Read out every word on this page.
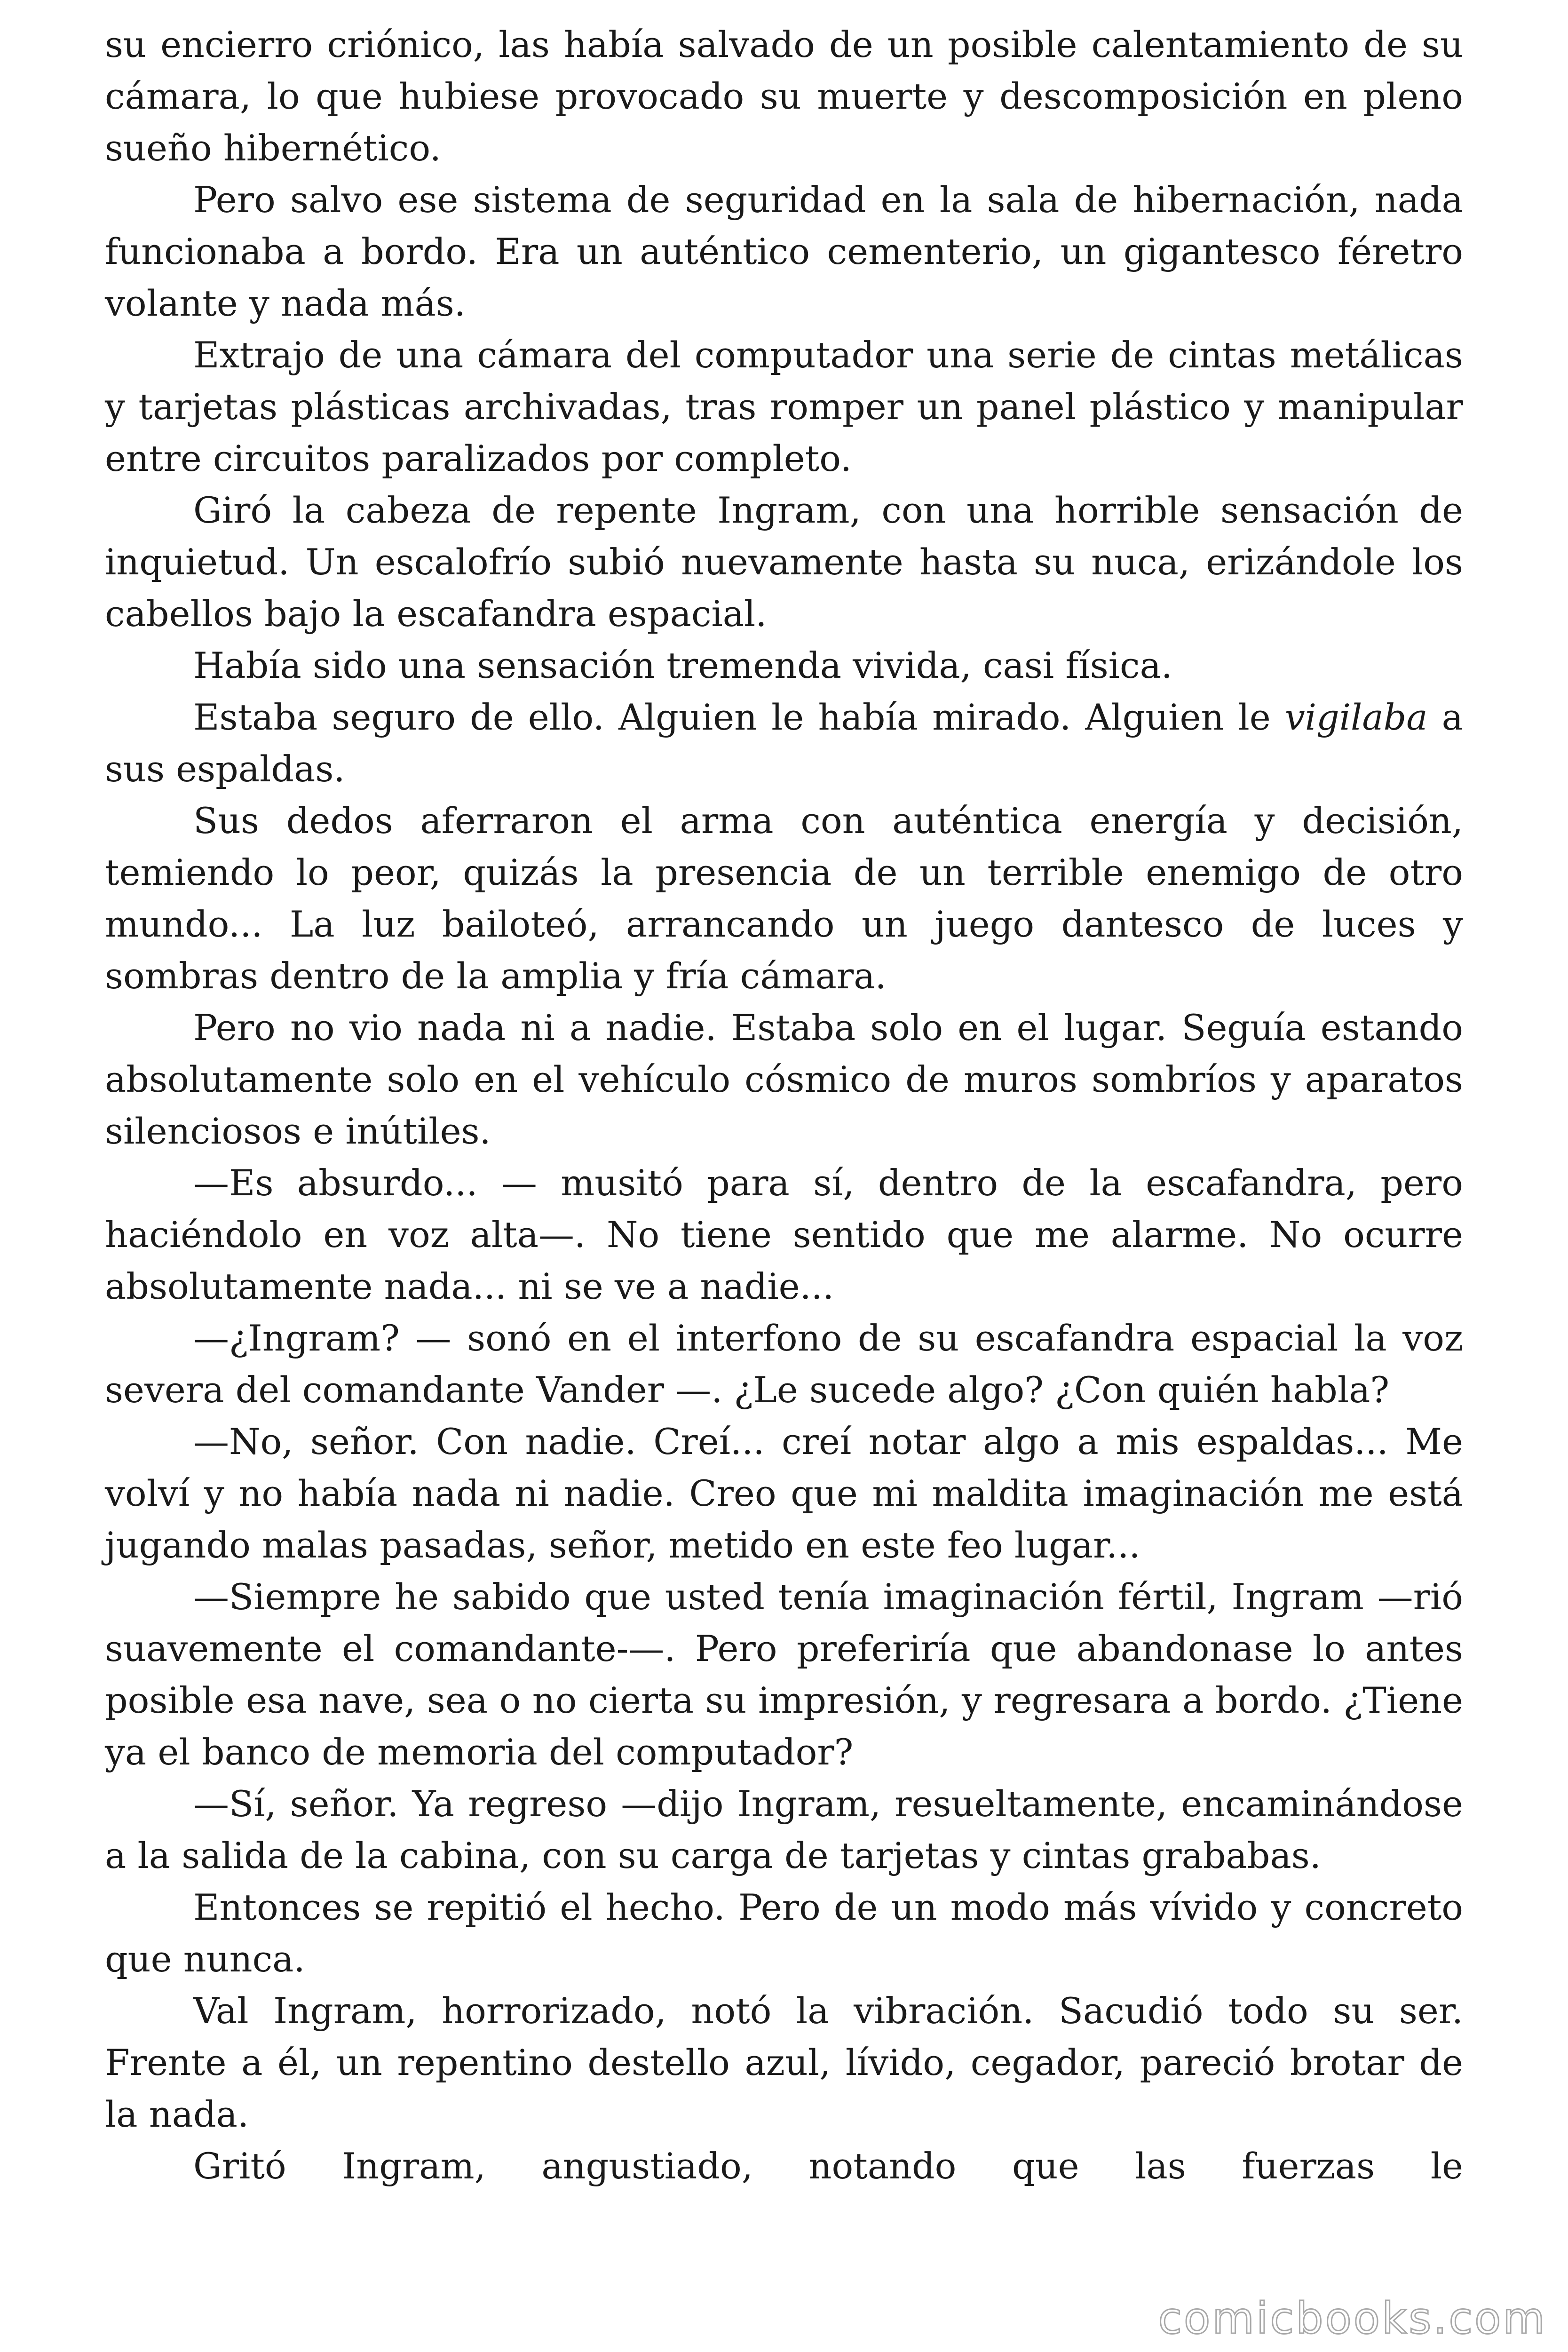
su encierro criónico, las había salvado de un posible calentamiento de su cámara, lo que hubiese provocado su muerte y descomposición en pleno sueño hibernético.

Pero salvo ese sistema de seguridad en la sala de hibernación, nada funcionaba a bordo. Era un auténtico cementerio, un gigantesco féretro volante y nada más.

Extrajo de una cámara del computador una serie de cintas metálicas y tarjetas plásticas archivadas, tras romper un panel plástico y manipular entre circuitos paralizados por completo.

Giró la cabeza de repente Ingram, con una horrible sensación de inquietud. Un escalofrío subió nuevamente hasta su nuca, erizándole los cabellos bajo la escafandra espacial.

Había sido una sensación tremenda vivida, casi física.

Estaba seguro de ello. Alguien le había mirado. Alguien le vigilaba a sus espaldas.

Sus dedos aferraron el arma con auténtica energía y decisión, temiendo lo peor, quizás la presencia de un terrible enemigo de otro mundo... La luz bailoteó, arrancando un juego dantesco de luces y sombras dentro de la amplia y fría cámara.

Pero no vio nada ni a nadie. Estaba solo en el lugar. Seguía estando absolutamente solo en el vehículo cósmico de muros sombríos y aparatos silenciosos e inútiles.

—Es absurdo... — musitó para sí, dentro de la escafandra, pero haciéndolo en voz alta—. No tiene sentido que me alarme. No ocurre absolutamente nada... ni se ve a nadie...

—¿Ingram? — sonó en el interfono de su escafandra espacial la voz severa del comandante Vander —. ¿Le sucede algo? ¿Con quién habla?

—No, señor. Con nadie. Creí... creí notar algo a mis espaldas... Me volví y no había nada ni nadie. Creo que mi maldita imaginación me está jugando malas pasadas, señor, metido en este feo lugar...

—Siempre he sabido que usted tenía imaginación fértil, Ingram —rió suavemente el comandante-—. Pero preferiría que abandonase lo antes posible esa nave, sea o no cierta su impresión, y regresara a bordo. ¿Tiene ya el banco de memoria del computador?

—Sí, señor. Ya regreso —dijo Ingram, resueltamente, encaminándose a la salida de la cabina, con su carga de tarjetas y cintas grababas.

Entonces se repitió el hecho. Pero de un modo más vívido y concreto que nunca.

Val Ingram, horrorizado, notó la vibración. Sacudió todo su ser. Frente a él, un repentino destello azul, lívido, cegador, pareció brotar de la nada.

Gritó Ingram, angustiado, notando que las fuerzas le

comicbooks.com
